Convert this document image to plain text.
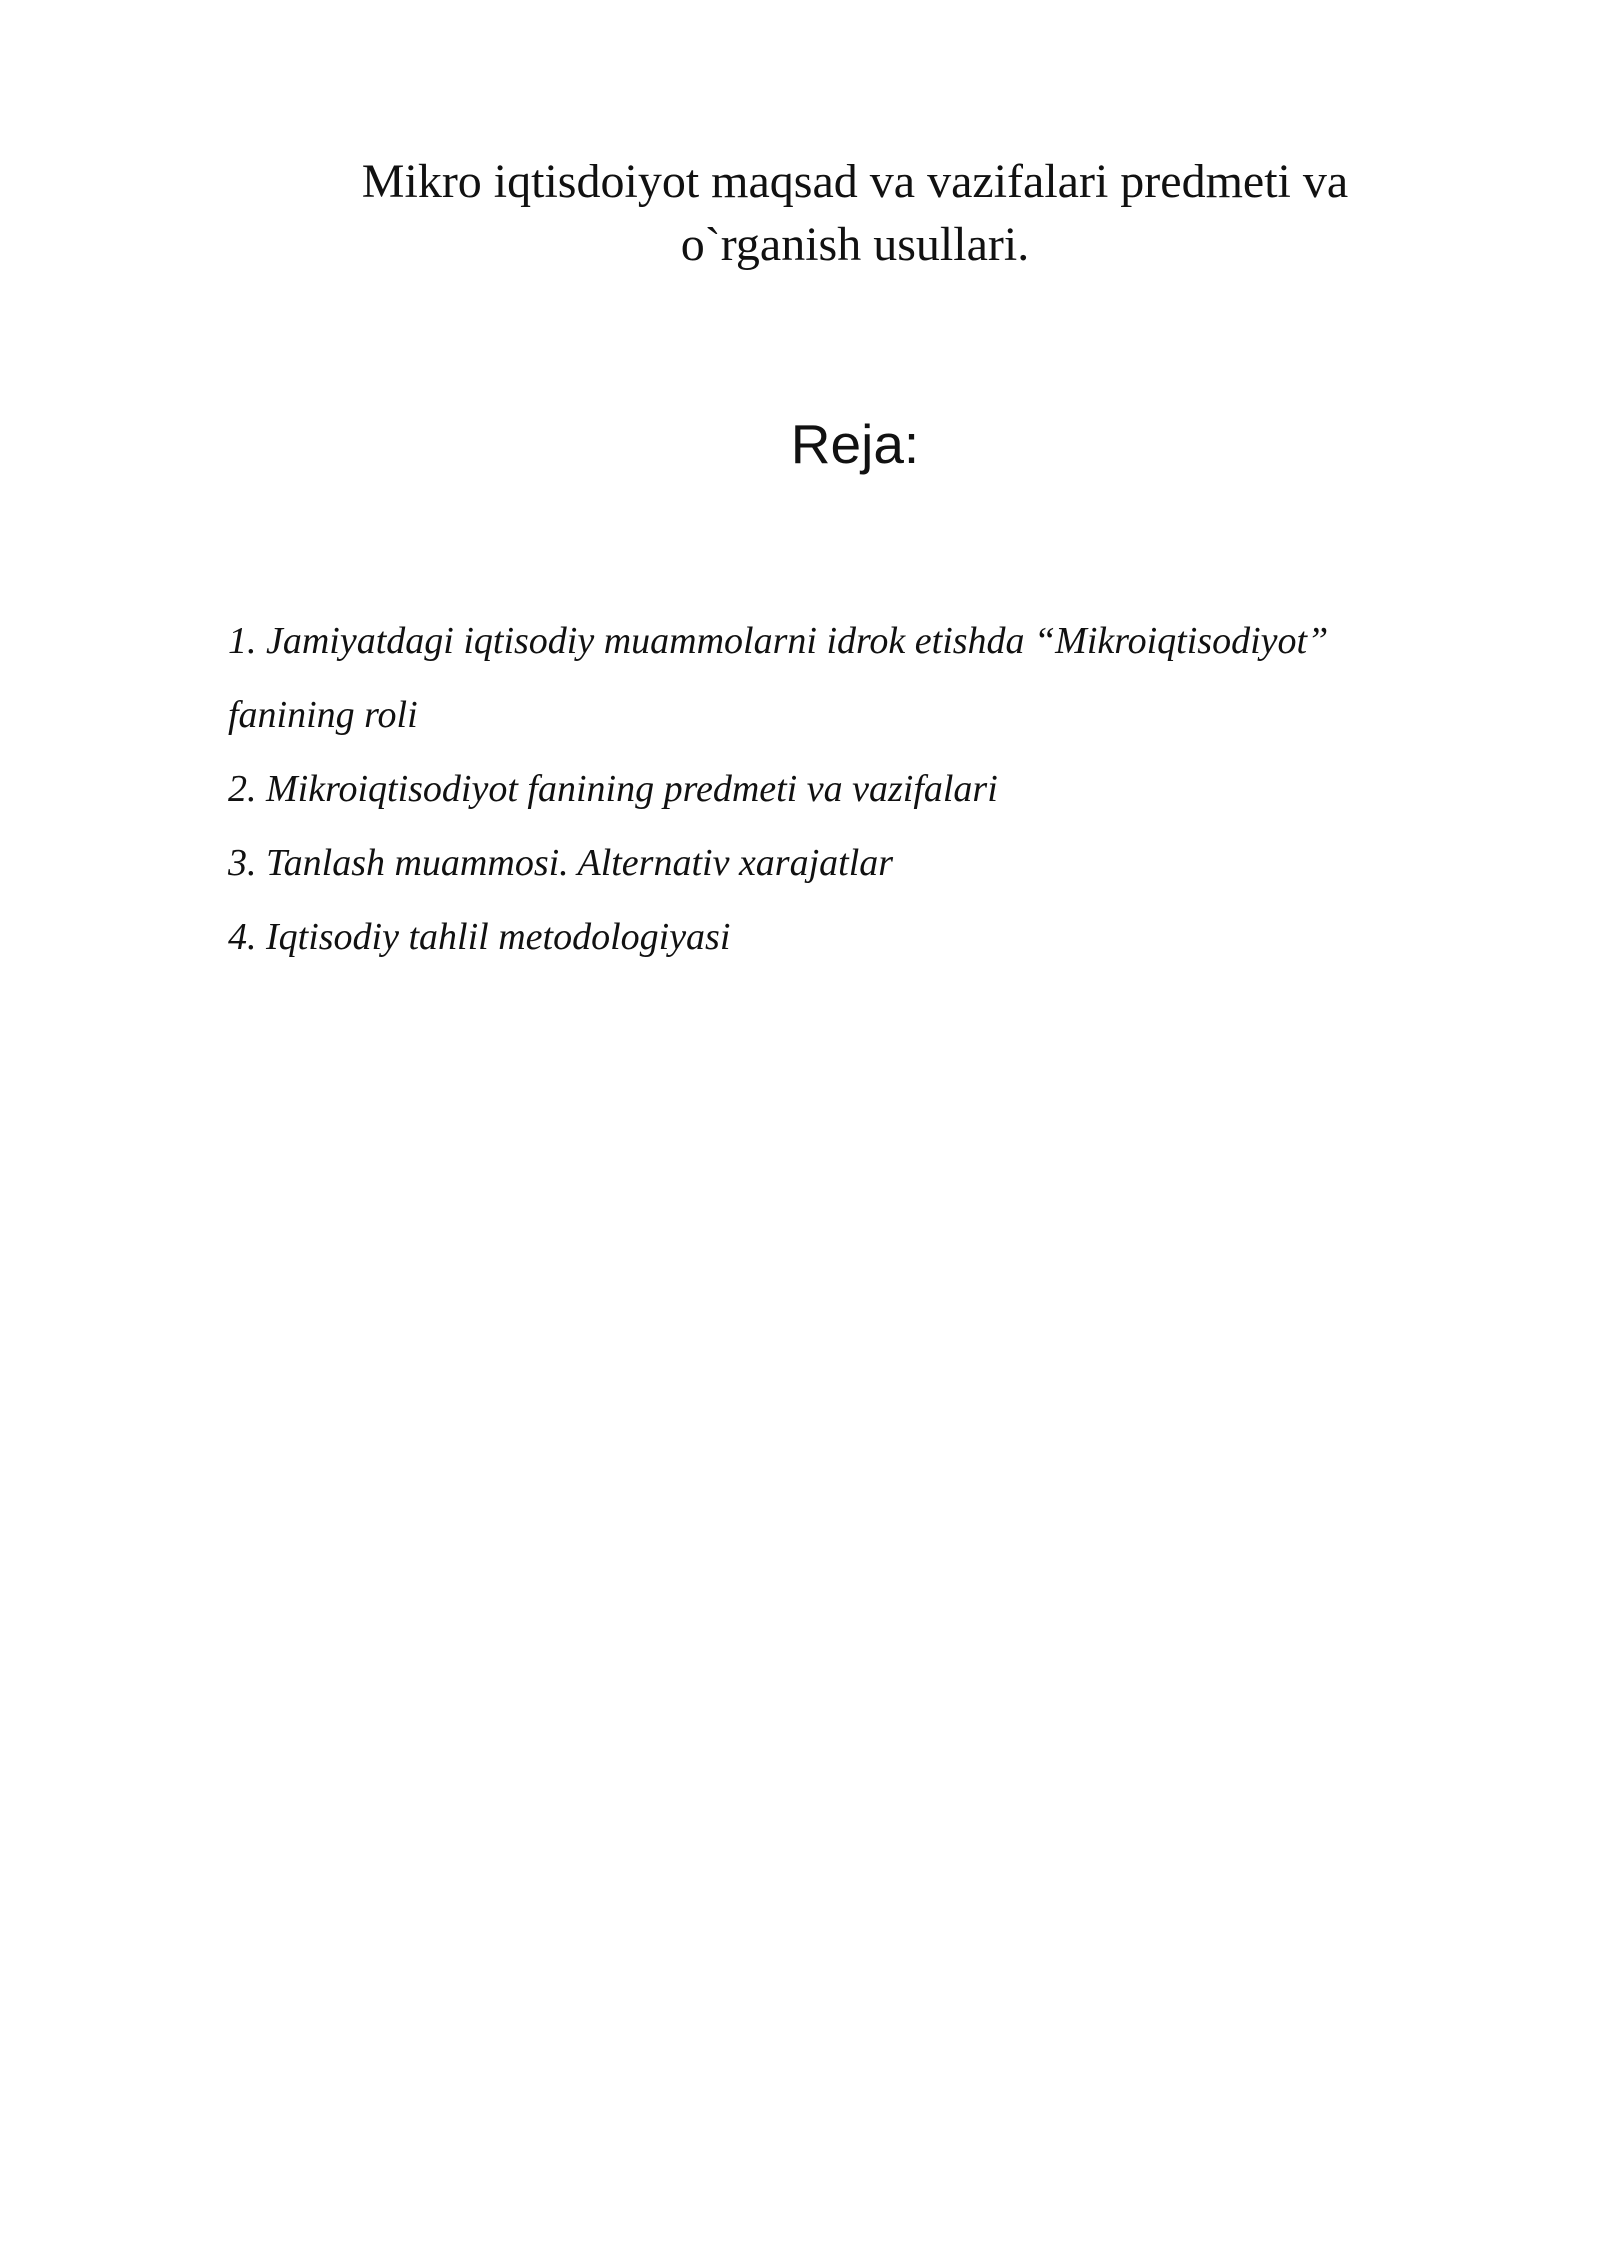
Mikro iqtisdoiyot maqsad va vazifalari predmeti va
o`rganish usullari.
Reja:
1. Jamiyatdagi iqtisodiy muammolarni idrok etishda “Mikroiqtisodiyot”
fanining roli
2. Mikroiqtisodiyot fanining predmeti va vazifalari
3. Tanlash muammosi. Alternativ xarajatlar
4. Iqtisodiy tahlil metodologiyasi
